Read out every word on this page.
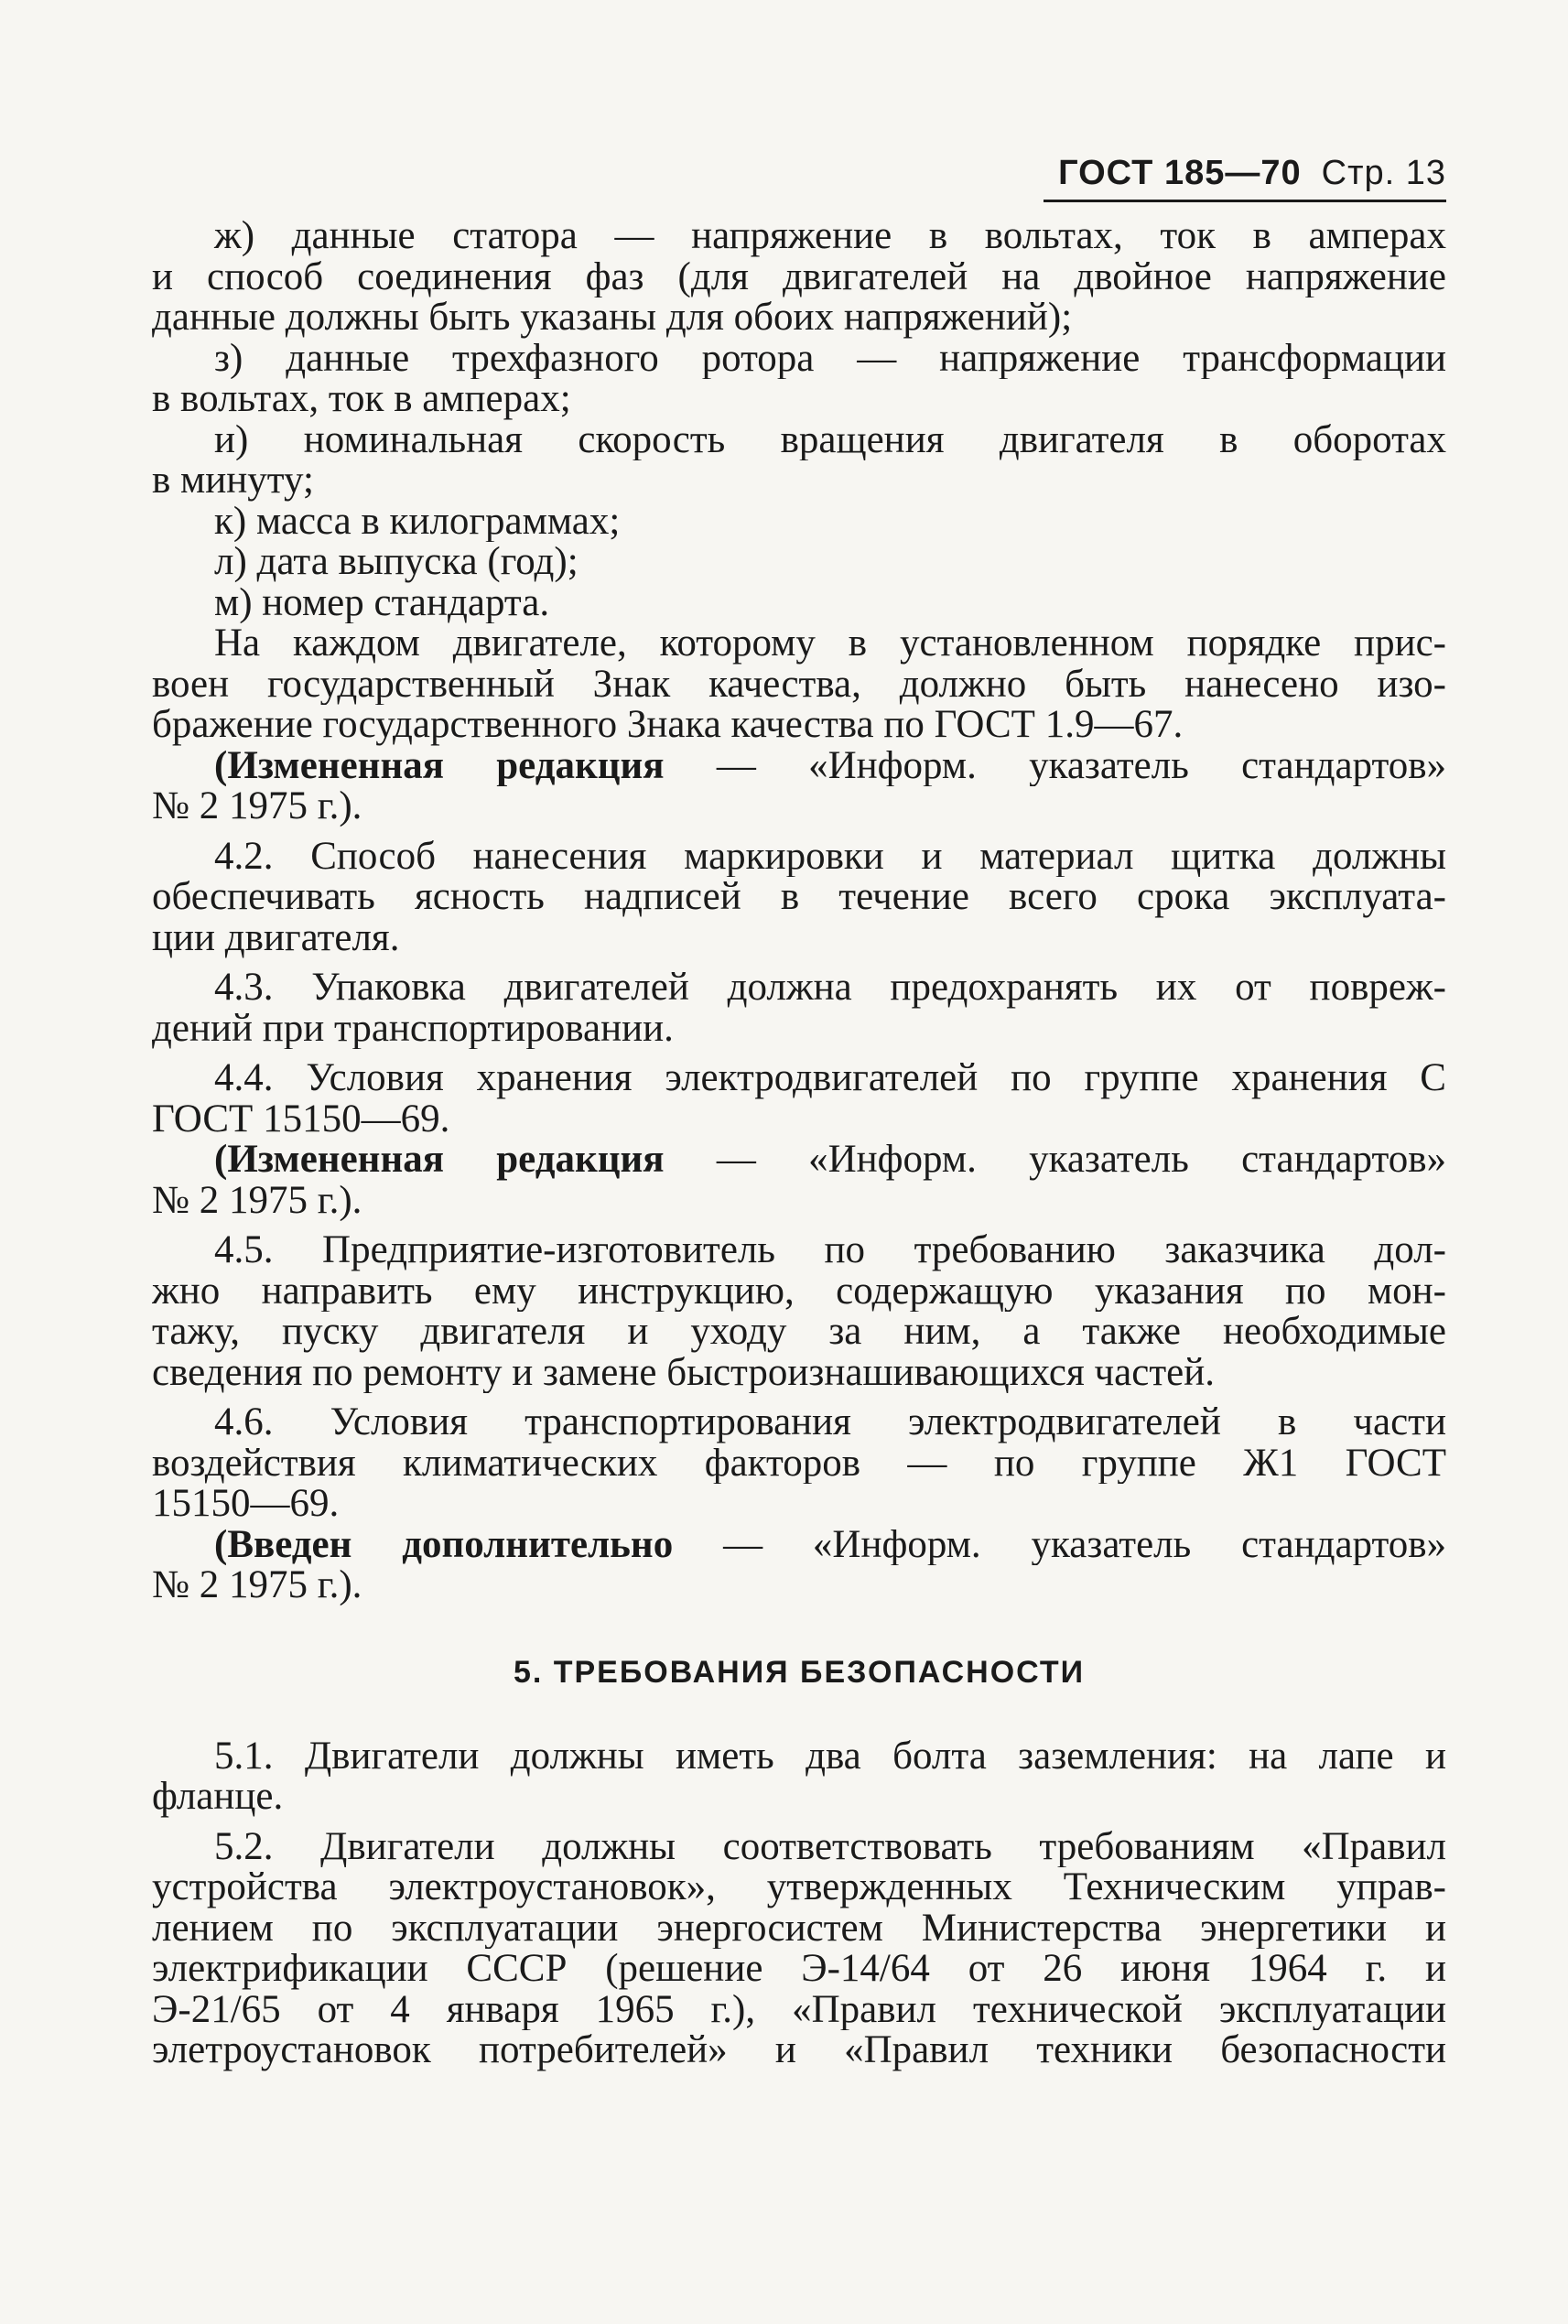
ГОСТ 185—70 Стр. 13
ж) данные статора — напряжение в вольтах, ток в амперах
и способ соединения фаз (для двигателей на двойное напряжение
данные должны быть указаны для обоих напряжений);
з) данные трехфазного ротора — напряжение трансформации
в вольтах, ток в амперах;
и) номинальная скорость вращения двигателя в оборотах
в минуту;
к) масса в килограммах;
л) дата выпуска (год);
м) номер стандарта.
На каждом двигателе, которому в установленном порядке прис-
воен государственный Знак качества, должно быть нанесено изо-
бражение государственного Знака качества по ГОСТ 1.9—67.
(Измененная редакция — «Информ. указатель стандартов»
№ 2 1975 г.).
4.2. Способ нанесения маркировки и материал щитка должны
обеспечивать ясность надписей в течение всего срока эксплуата-
ции двигателя.
4.3. Упаковка двигателей должна предохранять их от повреж-
дений при транспортировании.
4.4. Условия хранения электродвигателей по группе хранения С
ГОСТ 15150—69.
(Измененная редакция — «Информ. указатель стандартов»
№ 2 1975 г.).
4.5. Предприятие-изготовитель по требованию заказчика дол-
жно направить ему инструкцию, содержащую указания по мон-
тажу, пуску двигателя и уходу за ним, а также необходимые
сведения по ремонту и замене быстроизнашивающихся частей.
4.6. Условия транспортирования электродвигателей в части
воздействия климатических факторов — по группе Ж1 ГОСТ
15150—69.
(Введен дополнительно — «Информ. указатель стандартов»
№ 2 1975 г.).
5. ТРЕБОВАНИЯ БЕЗОПАСНОСТИ
5.1. Двигатели должны иметь два болта заземления: на лапе и
фланце.
5.2. Двигатели должны соответствовать требованиям «Правил
устройства электроустановок», утвержденных Техническим управ-
лением по эксплуатации энергосистем Министерства энергетики и
электрификации СССР (решение Э-14/64 от 26 июня 1964 г. и
Э-21/65 от 4 января 1965 г.), «Правил технической эксплуатации
элетроустановок потребителей» и «Правил техники безопасности
